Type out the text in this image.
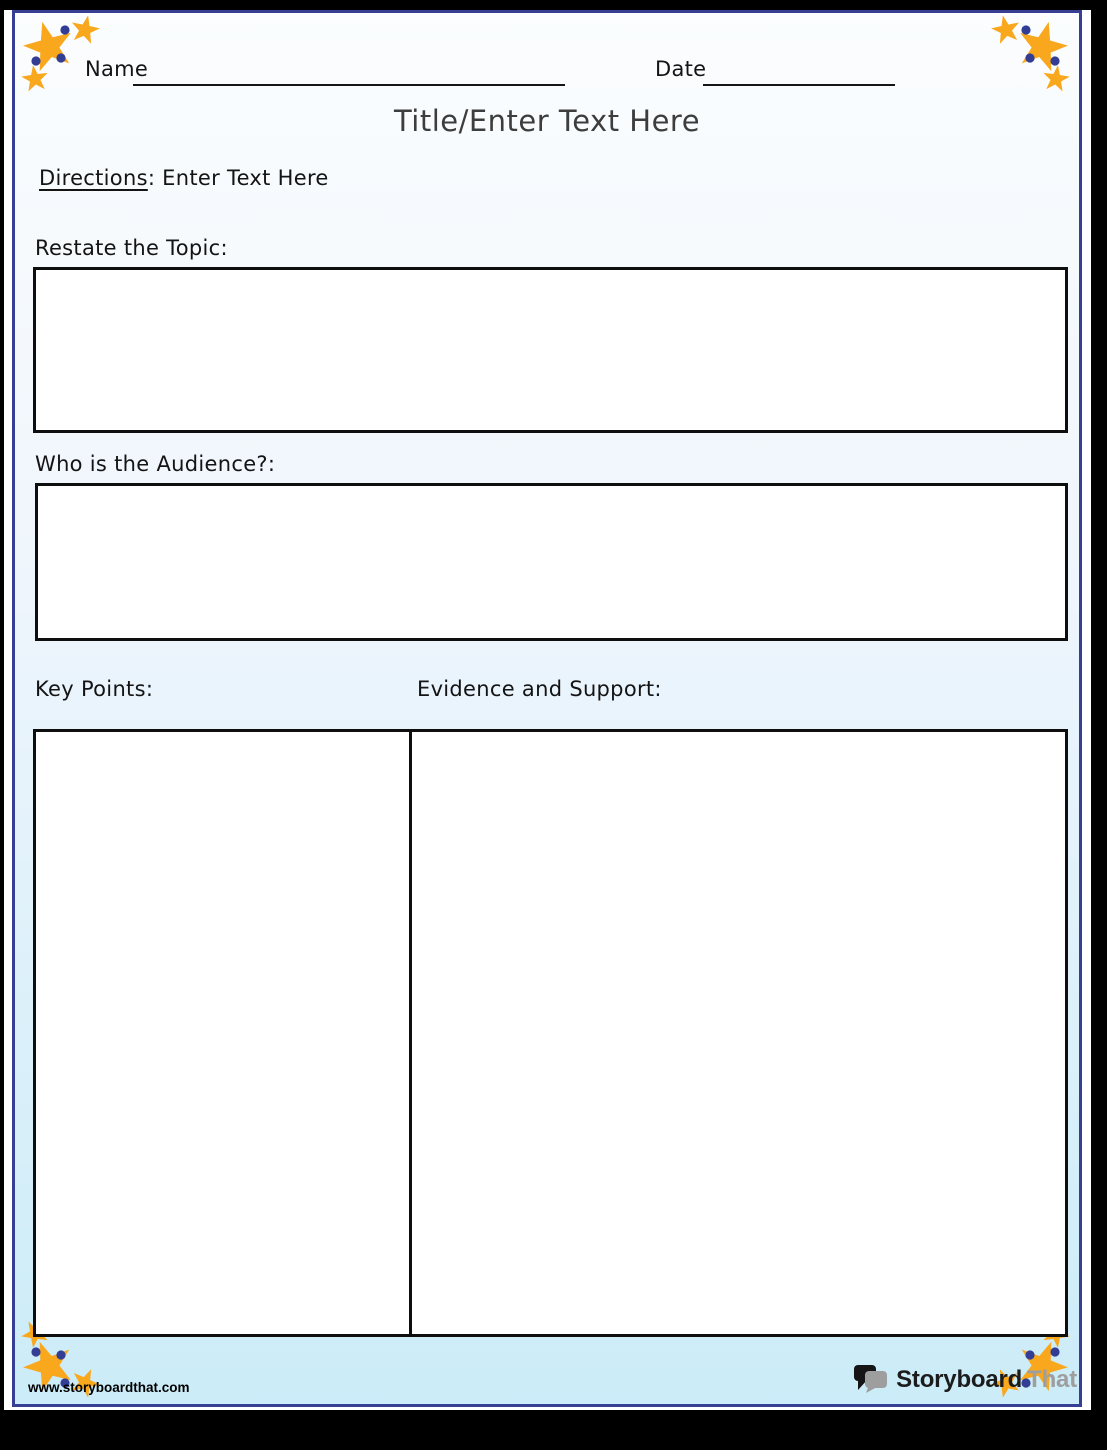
Name	Date
Title/Enter Text Here
Directions: Enter Text Here
Restate the Topic:
Who is the Audience?:
Key Points:	Evidence and Support:
www.storyboardthat.com	Storyboard That
